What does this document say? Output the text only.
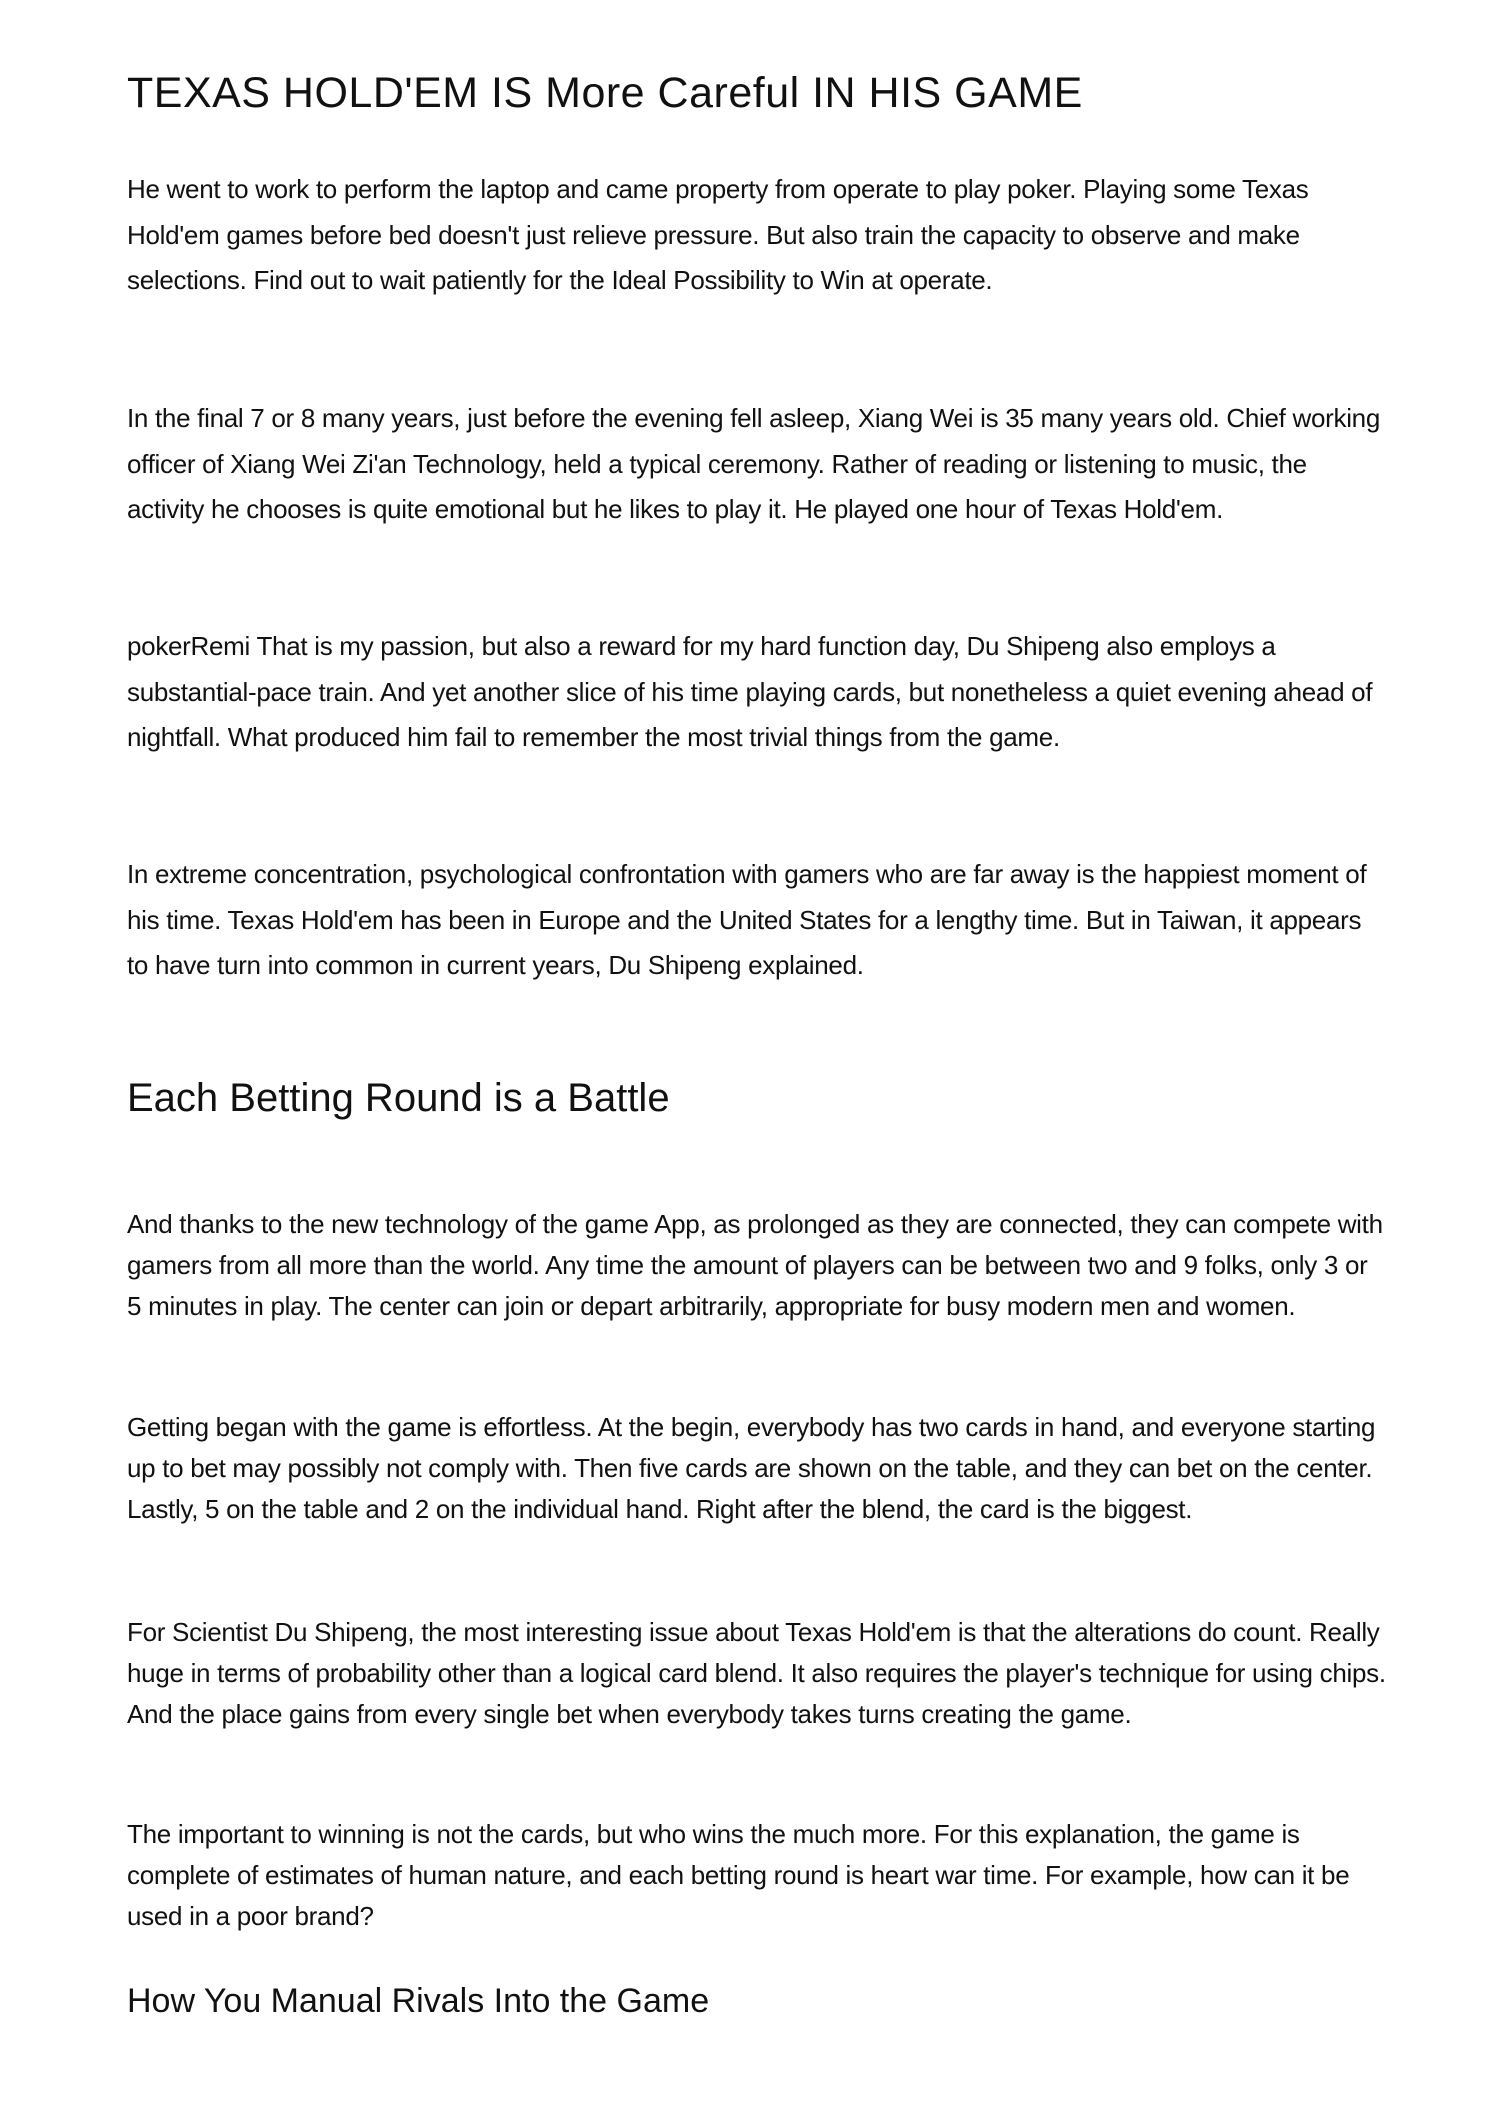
TEXAS HOLD'EM IS More Careful IN HIS GAME

He went to work to perform the laptop and came property from operate to play poker. Playing some Texas Hold'em games before bed doesn't just relieve pressure. But also train the capacity to observe and make selections. Find out to wait patiently for the Ideal Possibility to Win at operate.

In the final 7 or 8 many years, just before the evening fell asleep, Xiang Wei is 35 many years old. Chief working officer of Xiang Wei Zi'an Technology, held a typical ceremony. Rather of reading or listening to music, the activity he chooses is quite emotional but he likes to play it. He played one hour of Texas Hold'em.

pokerRemi That is my passion, but also a reward for my hard function day, Du Shipeng also employs a substantial-pace train. And yet another slice of his time playing cards, but nonetheless a quiet evening ahead of nightfall. What produced him fail to remember the most trivial things from the game.

In extreme concentration, psychological confrontation with gamers who are far away is the happiest moment of his time. Texas Hold'em has been in Europe and the United States for a lengthy time. But in Taiwan, it appears to have turn into common in current years, Du Shipeng explained.

Each Betting Round is a Battle

And thanks to the new technology of the game App, as prolonged as they are connected, they can compete with gamers from all more than the world. Any time the amount of players can be between two and 9 folks, only 3 or 5 minutes in play. The center can join or depart arbitrarily, appropriate for busy modern men and women.

Getting began with the game is effortless. At the begin, everybody has two cards in hand, and everyone starting up to bet may possibly not comply with. Then five cards are shown on the table, and they can bet on the center. Lastly, 5 on the table and 2 on the individual hand. Right after the blend, the card is the biggest.

For Scientist Du Shipeng, the most interesting issue about Texas Hold'em is that the alterations do count. Really huge in terms of probability other than a logical card blend. It also requires the player's technique for using chips. And the place gains from every single bet when everybody takes turns creating the game.

The important to winning is not the cards, but who wins the much more. For this explanation, the game is complete of estimates of human nature, and each betting round is heart war time. For example, how can it be used in a poor brand?

How You Manual Rivals Into the Game
